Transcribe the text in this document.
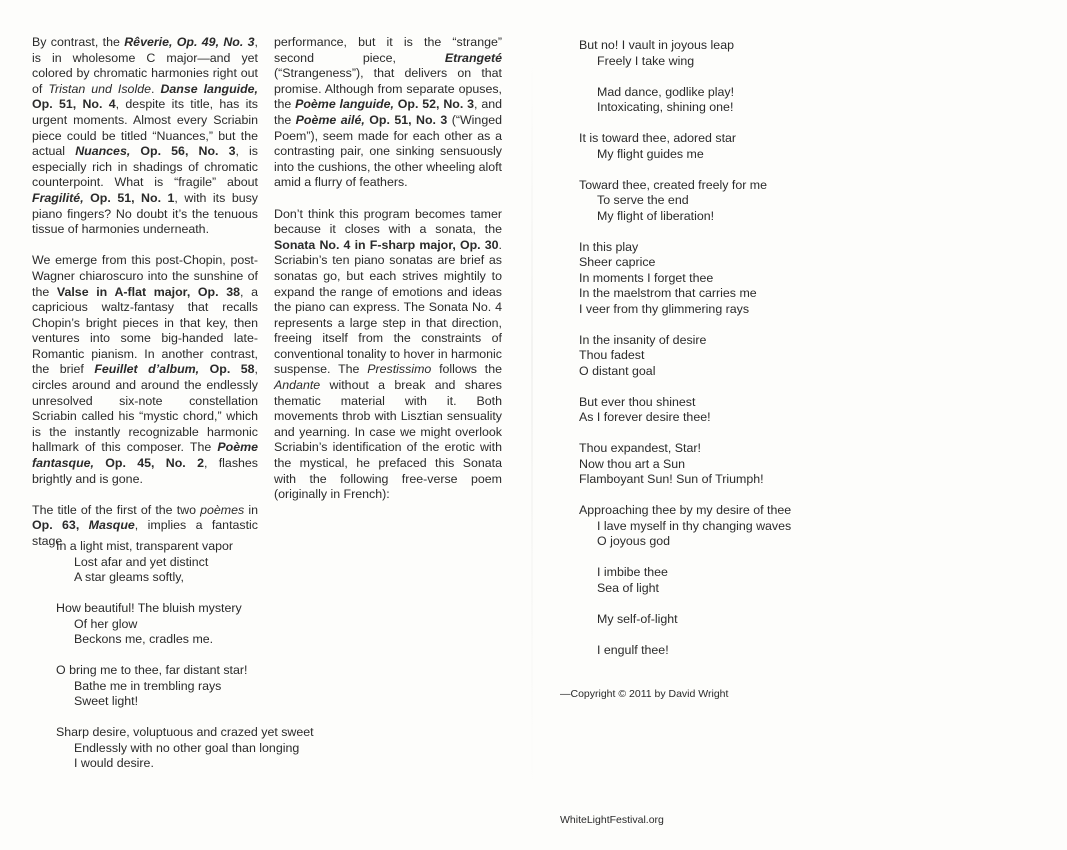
By contrast, the Rêverie, Op. 49, No. 3, is in wholesome C major—and yet colored by chromatic harmonies right out of Tristan und Isolde. Danse languide, Op. 51, No. 4, despite its title, has its urgent moments. Almost every Scriabin piece could be titled “Nuances,” but the actual Nuances, Op. 56, No. 3, is especially rich in shadings of chromatic counterpoint. What is “fragile” about Fragilité, Op. 51, No. 1, with its busy piano fingers? No doubt it’s the tenuous tissue of harmonies underneath.

We emerge from this post-Chopin, post-Wagner chiaroscuro into the sunshine of the Valse in A-flat major, Op. 38, a capricious waltz-fantasy that recalls Chopin’s bright pieces in that key, then ventures into some big-handed late-Romantic pianism. In another contrast, the brief Feuillet d’album, Op. 58, circles around and around the endlessly unresolved six-note constellation Scriabin called his “mystic chord,” which is the instantly recognizable harmonic hallmark of this composer. The Poème fantasque, Op. 45, No. 2, flashes brightly and is gone.

The title of the first of the two poèmes in Op. 63, Masque, implies a fantastic stage

performance, but it is the “strange” second piece, Etrangeté (“Strangeness”), that delivers on that promise. Although from separate opuses, the Poème languide, Op. 52, No. 3, and the Poème ailé, Op. 51, No. 3 (“Winged Poem”), seem made for each other as a contrasting pair, one sinking sensuously into the cushions, the other wheeling aloft amid a flurry of feathers.

Don’t think this program becomes tamer because it closes with a sonata, the Sonata No. 4 in F-sharp major, Op. 30. Scriabin’s ten piano sonatas are brief as sonatas go, but each strives mightily to expand the range of emotions and ideas the piano can express. The Sonata No. 4 represents a large step in that direction, freeing itself from the constraints of conventional tonality to hover in harmonic suspense. The Prestissimo follows the Andante without a break and shares thematic material with it. Both movements throb with Lisztian sensuality and yearning. In case we might overlook Scriabin’s identification of the erotic with the mystical, he prefaced this Sonata with the following free-verse poem (originally in French):

In a light mist, transparent vapor
Lost afar and yet distinct
A star gleams softly,
How beautiful! The bluish mystery
Of her glow
Beckons me, cradles me.
O bring me to thee, far distant star!
Bathe me in trembling rays
Sweet light!
Sharp desire, voluptuous and crazed yet sweet
Endlessly with no other goal than longing
I would desire.
But no! I vault in joyous leap
Freely I take wing
Mad dance, godlike play!
Intoxicating, shining one!
It is toward thee, adored star
My flight guides me
Toward thee, created freely for me
To serve the end
My flight of liberation!
In this play
Sheer caprice
In moments I forget thee
In the maelstrom that carries me
I veer from thy glimmering rays
In the insanity of desire
Thou fadest
O distant goal
But ever thou shinest
As I forever desire thee!
Thou expandest, Star!
Now thou art a Sun
Flamboyant Sun! Sun of Triumph!
Approaching thee by my desire of thee
I lave myself in thy changing waves
O joyous god
I imbibe thee
Sea of light
My self-of-light
I engulf thee!
—Copyright © 2011 by David Wright
WhiteLightFestival.org
